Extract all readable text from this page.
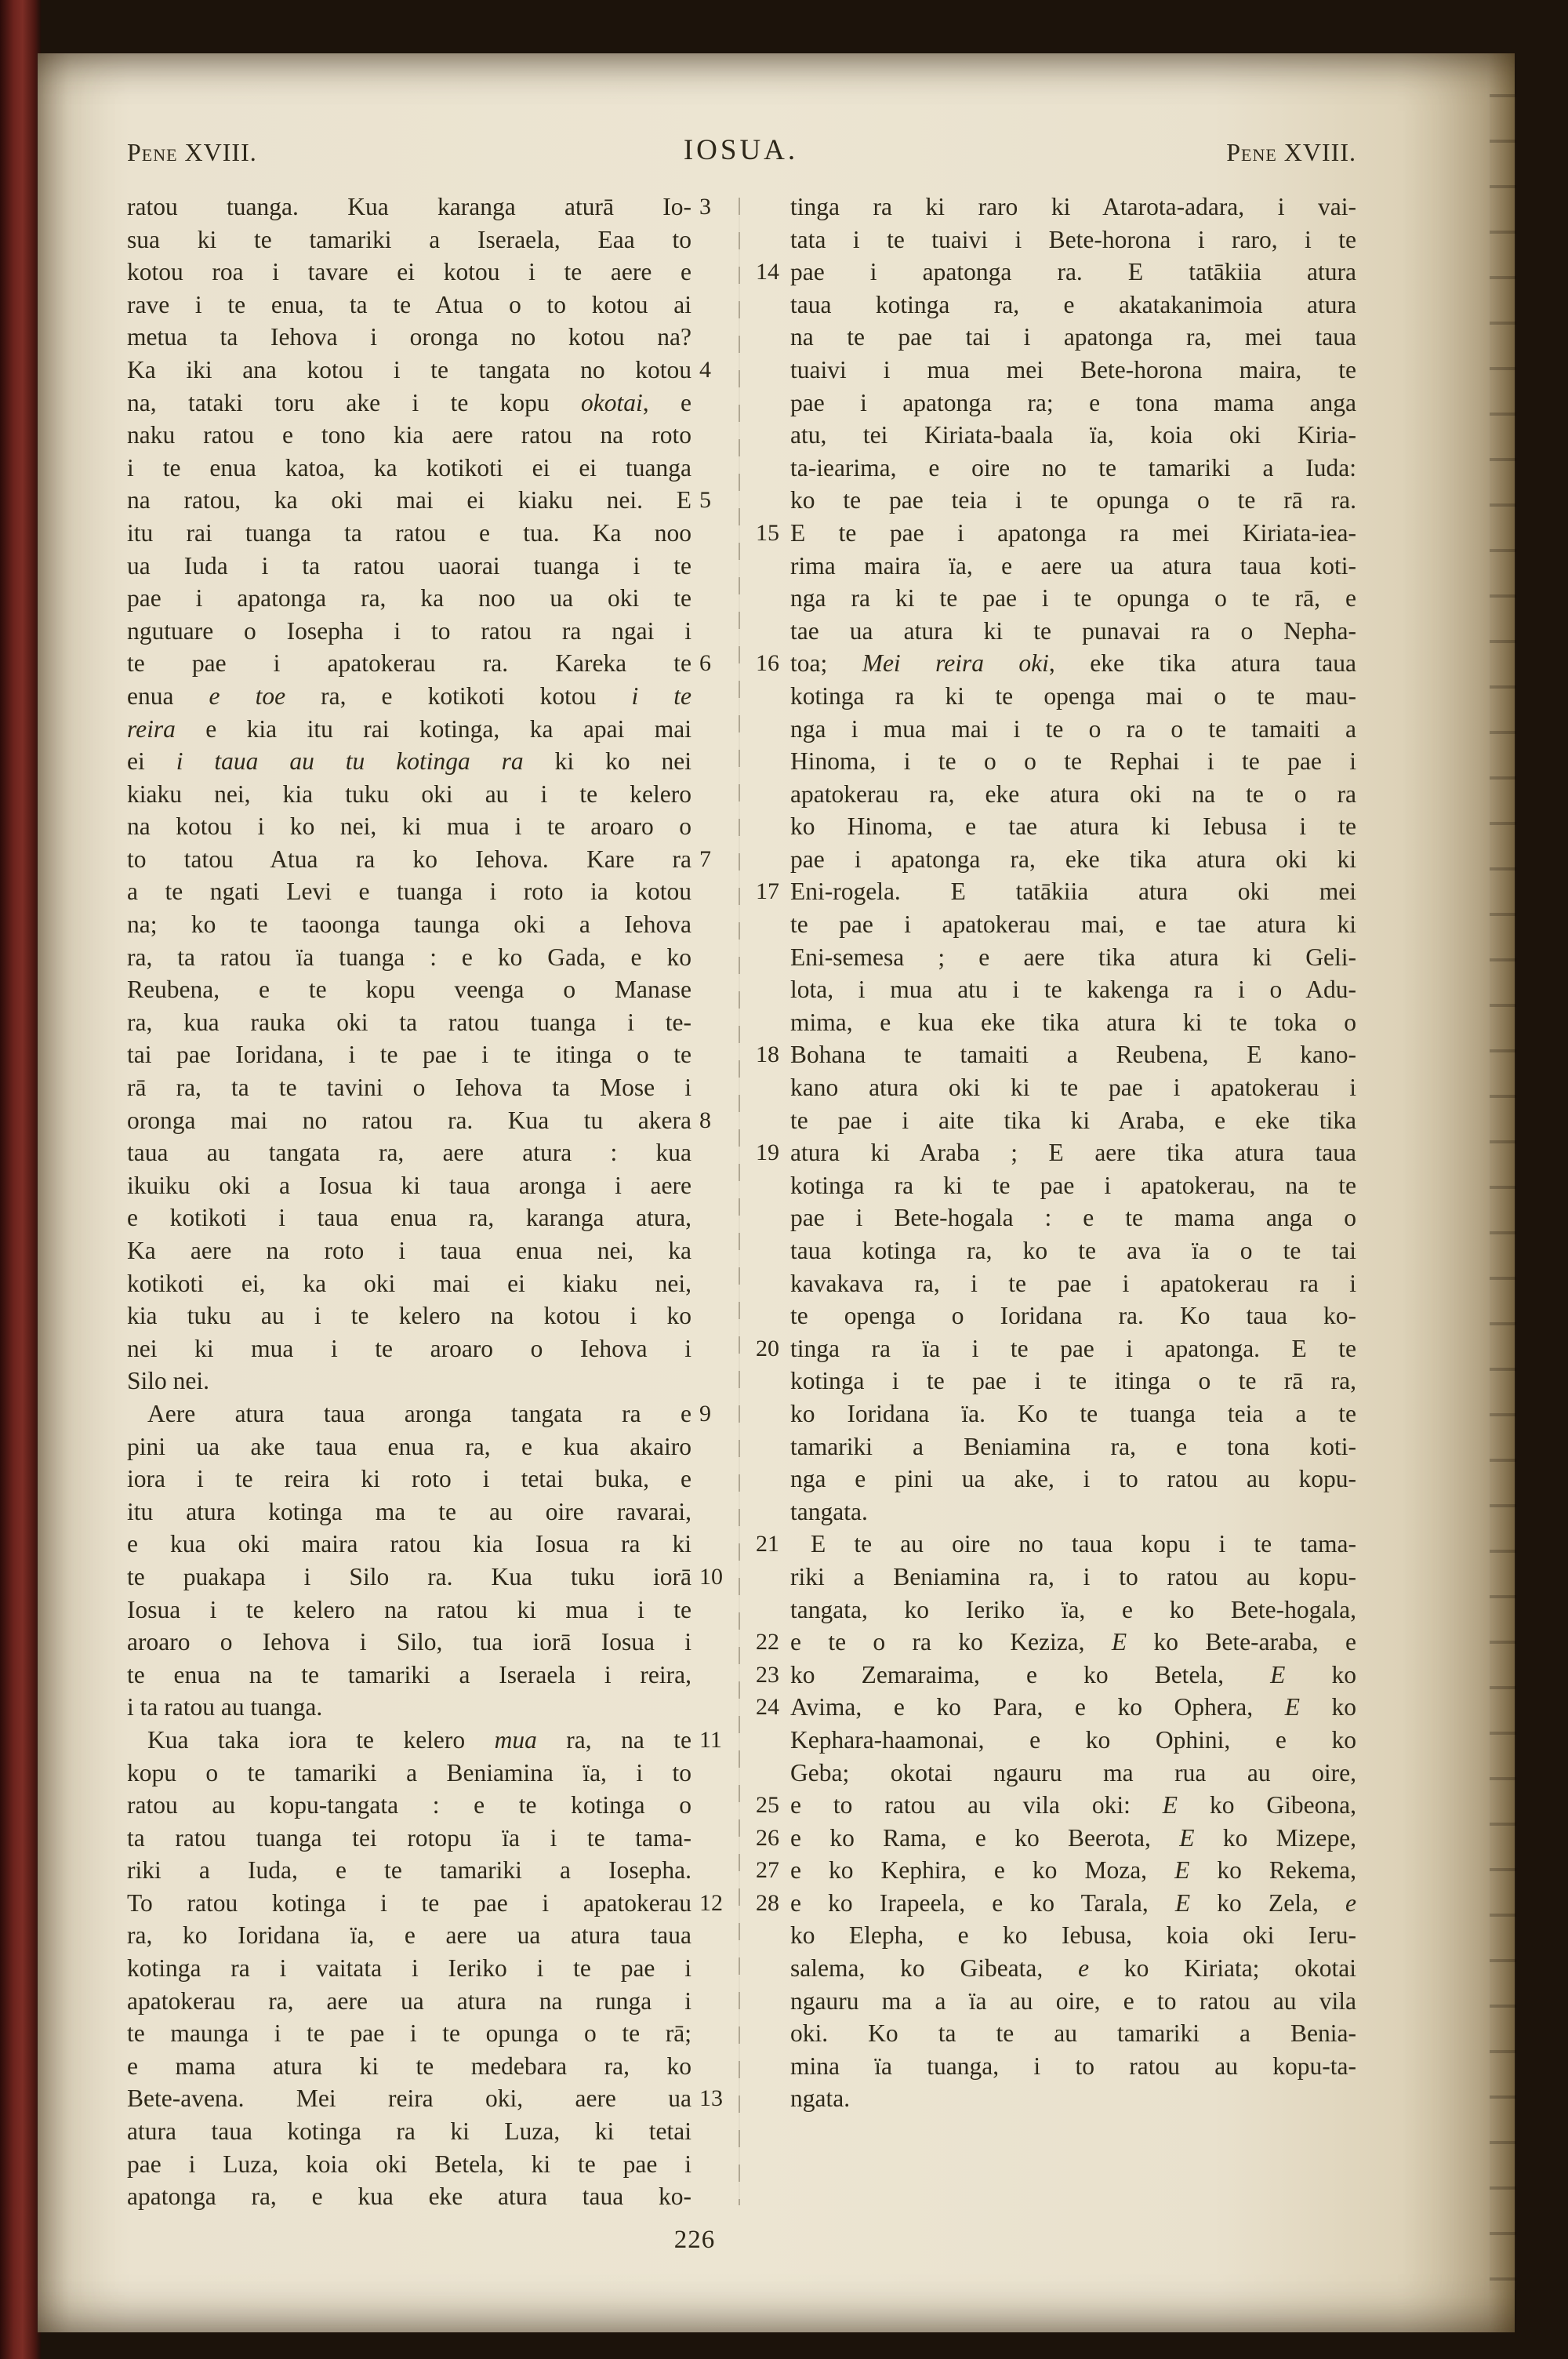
Pene XVIII.	IOSUA.	Pene XVIII.
ratou tuanga. Kua karanga aturā Io- 3
sua ki te tamariki a Iseraela, Eaa to
kotou roa i tavare ei kotou i te aere e
rave i te enua, ta te Atua o to kotou ai
metua ta Iehova i oronga no kotou na?
Ka iki ana kotou i te tangata no kotou 4
na, tataki toru ake i te kopu okotai, e
naku ratou e tono kia aere ratou na roto
i te enua katoa, ka kotikoti ei ei tuanga
na ratou, ka oki mai ei kiaku nei. E 5
itu rai tuanga ta ratou e tua. Ka noo
ua Iuda i ta ratou uaorai tuanga i te
pae i apatonga ra, ka noo ua oki te
ngutuare o Iosepha i to ratou ra ngai i
te pae i apatokerau ra. Kareka te 6
enua e toe ra, e kotikoti kotou i te
reira e kia itu rai kotinga, ka apai mai
ei i taua au tu kotinga ra ki ko nei
kiaku nei, kia tuku oki au i te kelero
na kotou i ko nei, ki mua i te aroaro o
to tatou Atua ra ko Iehova. Kare ra 7
a te ngati Levi e tuanga i roto ia kotou
na; ko te taoonga taunga oki a Iehova
ra, ta ratou ïa tuanga : e ko Gada, e ko
Reubena, e te kopu veenga o Manase
ra, kua rauka oki ta ratou tuanga i te-
tai pae Ioridana, i te pae i te itinga o te
rā ra, ta te tavini o Iehova ta Mose i
oronga mai no ratou ra. Kua tu akera 8
taua au tangata ra, aere atura : kua
ikuiku oki a Iosua ki taua aronga i aere
e kotikoti i taua enua ra, karanga atura,
Ka aere na roto i taua enua nei, ka
kotikoti ei, ka oki mai ei kiaku nei,
kia tuku au i te kelero na kotou i ko
nei ki mua i te aroaro o Iehova i
Silo nei.
Aere atura taua aronga tangata ra e 9
pini ua ake taua enua ra, e kua akairo
iora i te reira ki roto i tetai buka, e
itu atura kotinga ma te au oire ravarai,
e kua oki maira ratou kia Iosua ra ki
te puakapa i Silo ra. Kua tuku iorā 10
Iosua i te kelero na ratou ki mua i te
aroaro o Iehova i Silo, tua iorā Iosua i
te enua na te tamariki a Iseraela i reira,
i ta ratou au tuanga.
Kua taka iora te kelero mua ra, na te 11
kopu o te tamariki a Beniamina ïa, i to
ratou au kopu-tangata : e te kotinga o
ta ratou tuanga tei rotopu ïa i te tama-
riki a Iuda, e te tamariki a Iosepha.
To ratou kotinga i te pae i apatokerau 12
ra, ko Ioridana ïa, e aere ua atura taua
kotinga ra i vaitata i Ieriko i te pae i
apatokerau ra, aere ua atura na runga i
te maunga i te pae i te opunga o te rā;
e mama atura ki te medebara ra, ko
Bete-avena. Mei reira oki, aere ua 13
atura taua kotinga ra ki Luza, ki tetai
pae i Luza, koia oki Betela, ki te pae i
apatonga ra, e kua eke atura taua ko-
tinga ra ki raro ki Atarota-adara, i vai-
tata i te tuaivi i Bete-horona i raro, i te
pae i apatonga ra. E tatākiia atura
14
taua kotinga ra, e akatakanimoia atura
na te pae tai i apatonga ra, mei taua
tuaivi i mua mei Bete-horona maira, te
pae i apatonga ra; e tona mama anga
atu, tei Kiriata-baala ïa, koia oki Kiria-
ta-iearima, e oire no te tamariki a Iuda:
ko te pae teia i te opunga o te rā ra.
E te pae i apatonga ra mei Kiriata-iea-
15
rima maira ïa, e aere ua atura taua koti-
nga ra ki te pae i te opunga o te rā, e
tae ua atura ki te punavai ra o Nepha-
toa; Mei reira oki, eke tika atura taua
16
kotinga ra ki te openga mai o te mau-
nga i mua mai i te o ra o te tamaiti a
Hinoma, i te o o te Rephai i te pae i
apatokerau ra, eke atura oki na te o ra
ko Hinoma, e tae atura ki Iebusa i te
pae i apatonga ra, eke tika atura oki ki
Eni-rogela. E tatākiia atura oki mei
17
te pae i apatokerau mai, e tae atura ki
Eni-semesa ; e aere tika atura ki Geli-
lota, i mua atu i te kakenga ra i o Adu-
mima, e kua eke tika atura ki te toka o
Bohana te tamaiti a Reubena, E kano-
18
kano atura oki ki te pae i apatokerau i
te pae i aite tika ki Araba, e eke tika
atura ki Araba ; E aere tika atura taua
19
kotinga ra ki te pae i apatokerau, na te
pae i Bete-hogala : e te mama anga o
taua kotinga ra, ko te ava ïa o te tai
kavakava ra, i te pae i apatokerau ra i
te openga o Ioridana ra. Ko taua ko-
tinga ra ïa i te pae i apatonga. E te
20
kotinga i te pae i te itinga o te rā ra,
ko Ioridana ïa. Ko te tuanga teia a te
tamariki a Beniamina ra, e tona koti-
nga e pini ua ake, i to ratou au kopu-
tangata.
E te au oire no taua kopu i te tama-
21
riki a Beniamina ra, i to ratou au kopu-
tangata, ko Ieriko ïa, e ko Bete-hogala,
e te o ra ko Keziza, E ko Bete-araba, e
22
ko Zemaraima, e ko Betela, E ko
23
Avima, e ko Para, e ko Ophera, E ko
24
Kephara-haamonai, e ko Ophini, e ko
Geba; okotai ngauru ma rua au oire,
e to ratou au vila oki: E ko Gibeona,
25
e ko Rama, e ko Beerota, E ko Mizepe,
26
e ko Kephira, e ko Moza, E ko Rekema,
27
e ko Irapeela, e ko Tarala, E ko Zela, e
28
ko Elepha, e ko Iebusa, koia oki Ieru-
salema, ko Gibeata, e ko Kiriata; okotai
ngauru ma a ïa au oire, e to ratou au vila
oki. Ko ta te au tamariki a Benia-
mina ïa tuanga, i to ratou au kopu-ta-
ngata.
226
